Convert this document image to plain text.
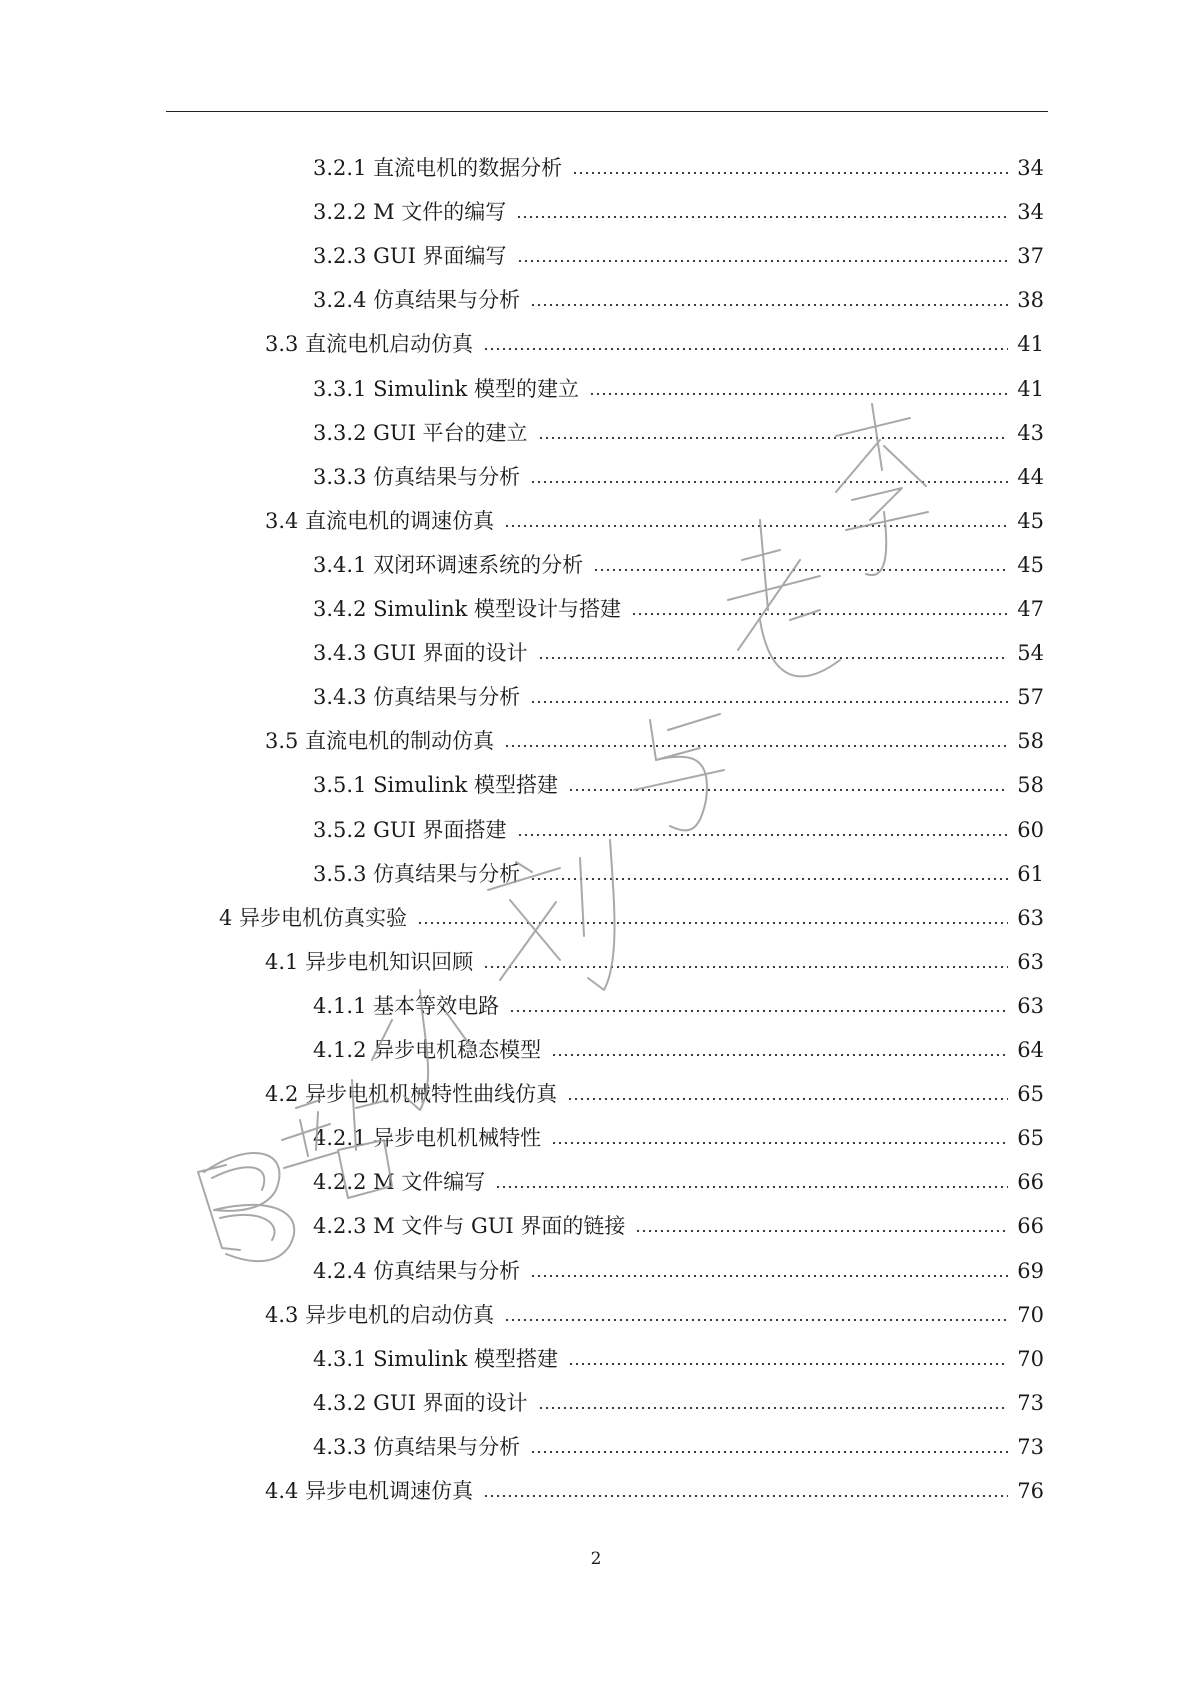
3.2.1 直流电机的数据分析	34
3.2.2 M 文件的编写	34
3.2.3 GUI 界面编写	37
3.2.4 仿真结果与分析	38
3.3 直流电机启动仿真	41
3.3.1 Simulink 模型的建立	41
3.3.2 GUI 平台的建立	43
3.3.3 仿真结果与分析	44
3.4 直流电机的调速仿真	45
3.4.1 双闭环调速系统的分析	45
3.4.2 Simulink 模型设计与搭建	47
3.4.3 GUI 界面的设计	54
3.4.3 仿真结果与分析	57
3.5 直流电机的制动仿真	58
3.5.1 Simulink 模型搭建	58
3.5.2 GUI 界面搭建	60
3.5.3 仿真结果与分析	61
4 异步电机仿真实验	63
4.1 异步电机知识回顾	63
4.1.1 基本等效电路	63
4.1.2 异步电机稳态模型	64
4.2 异步电机机械特性曲线仿真	65
4.2.1 异步电机机械特性	65
4.2.2 M 文件编写	66
4.2.3 M 文件与 GUI 界面的链接	66
4.2.4 仿真结果与分析	69
4.3 异步电机的启动仿真	70
4.3.1 Simulink 模型搭建	70
4.3.2 GUI 界面的设计	73
4.3.3 仿真结果与分析	73
4.4 异步电机调速仿真	76
2
